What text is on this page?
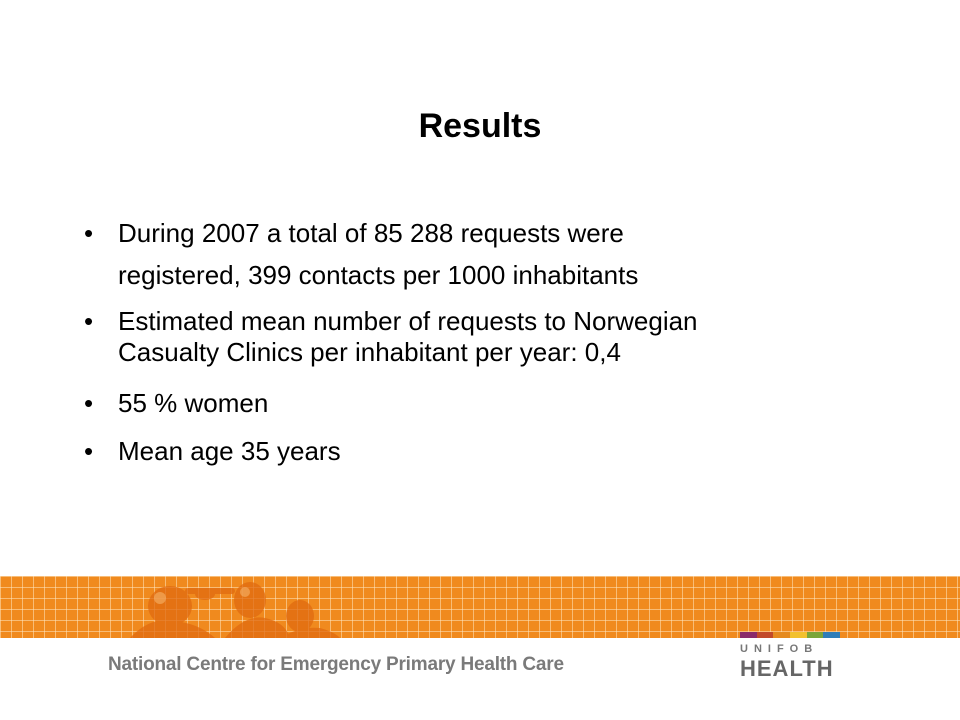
Results
• During 2007 a total of 85 288 requests were
registered, 399 contacts per 1000 inhabitants
• Estimated mean number of requests to Norwegian
Casualty Clinics per inhabitant per year: 0,4
• 55 % women
• Mean age 35 years
National Centre for Emergency Primary Health Care
UNIFOB
HEALTH
